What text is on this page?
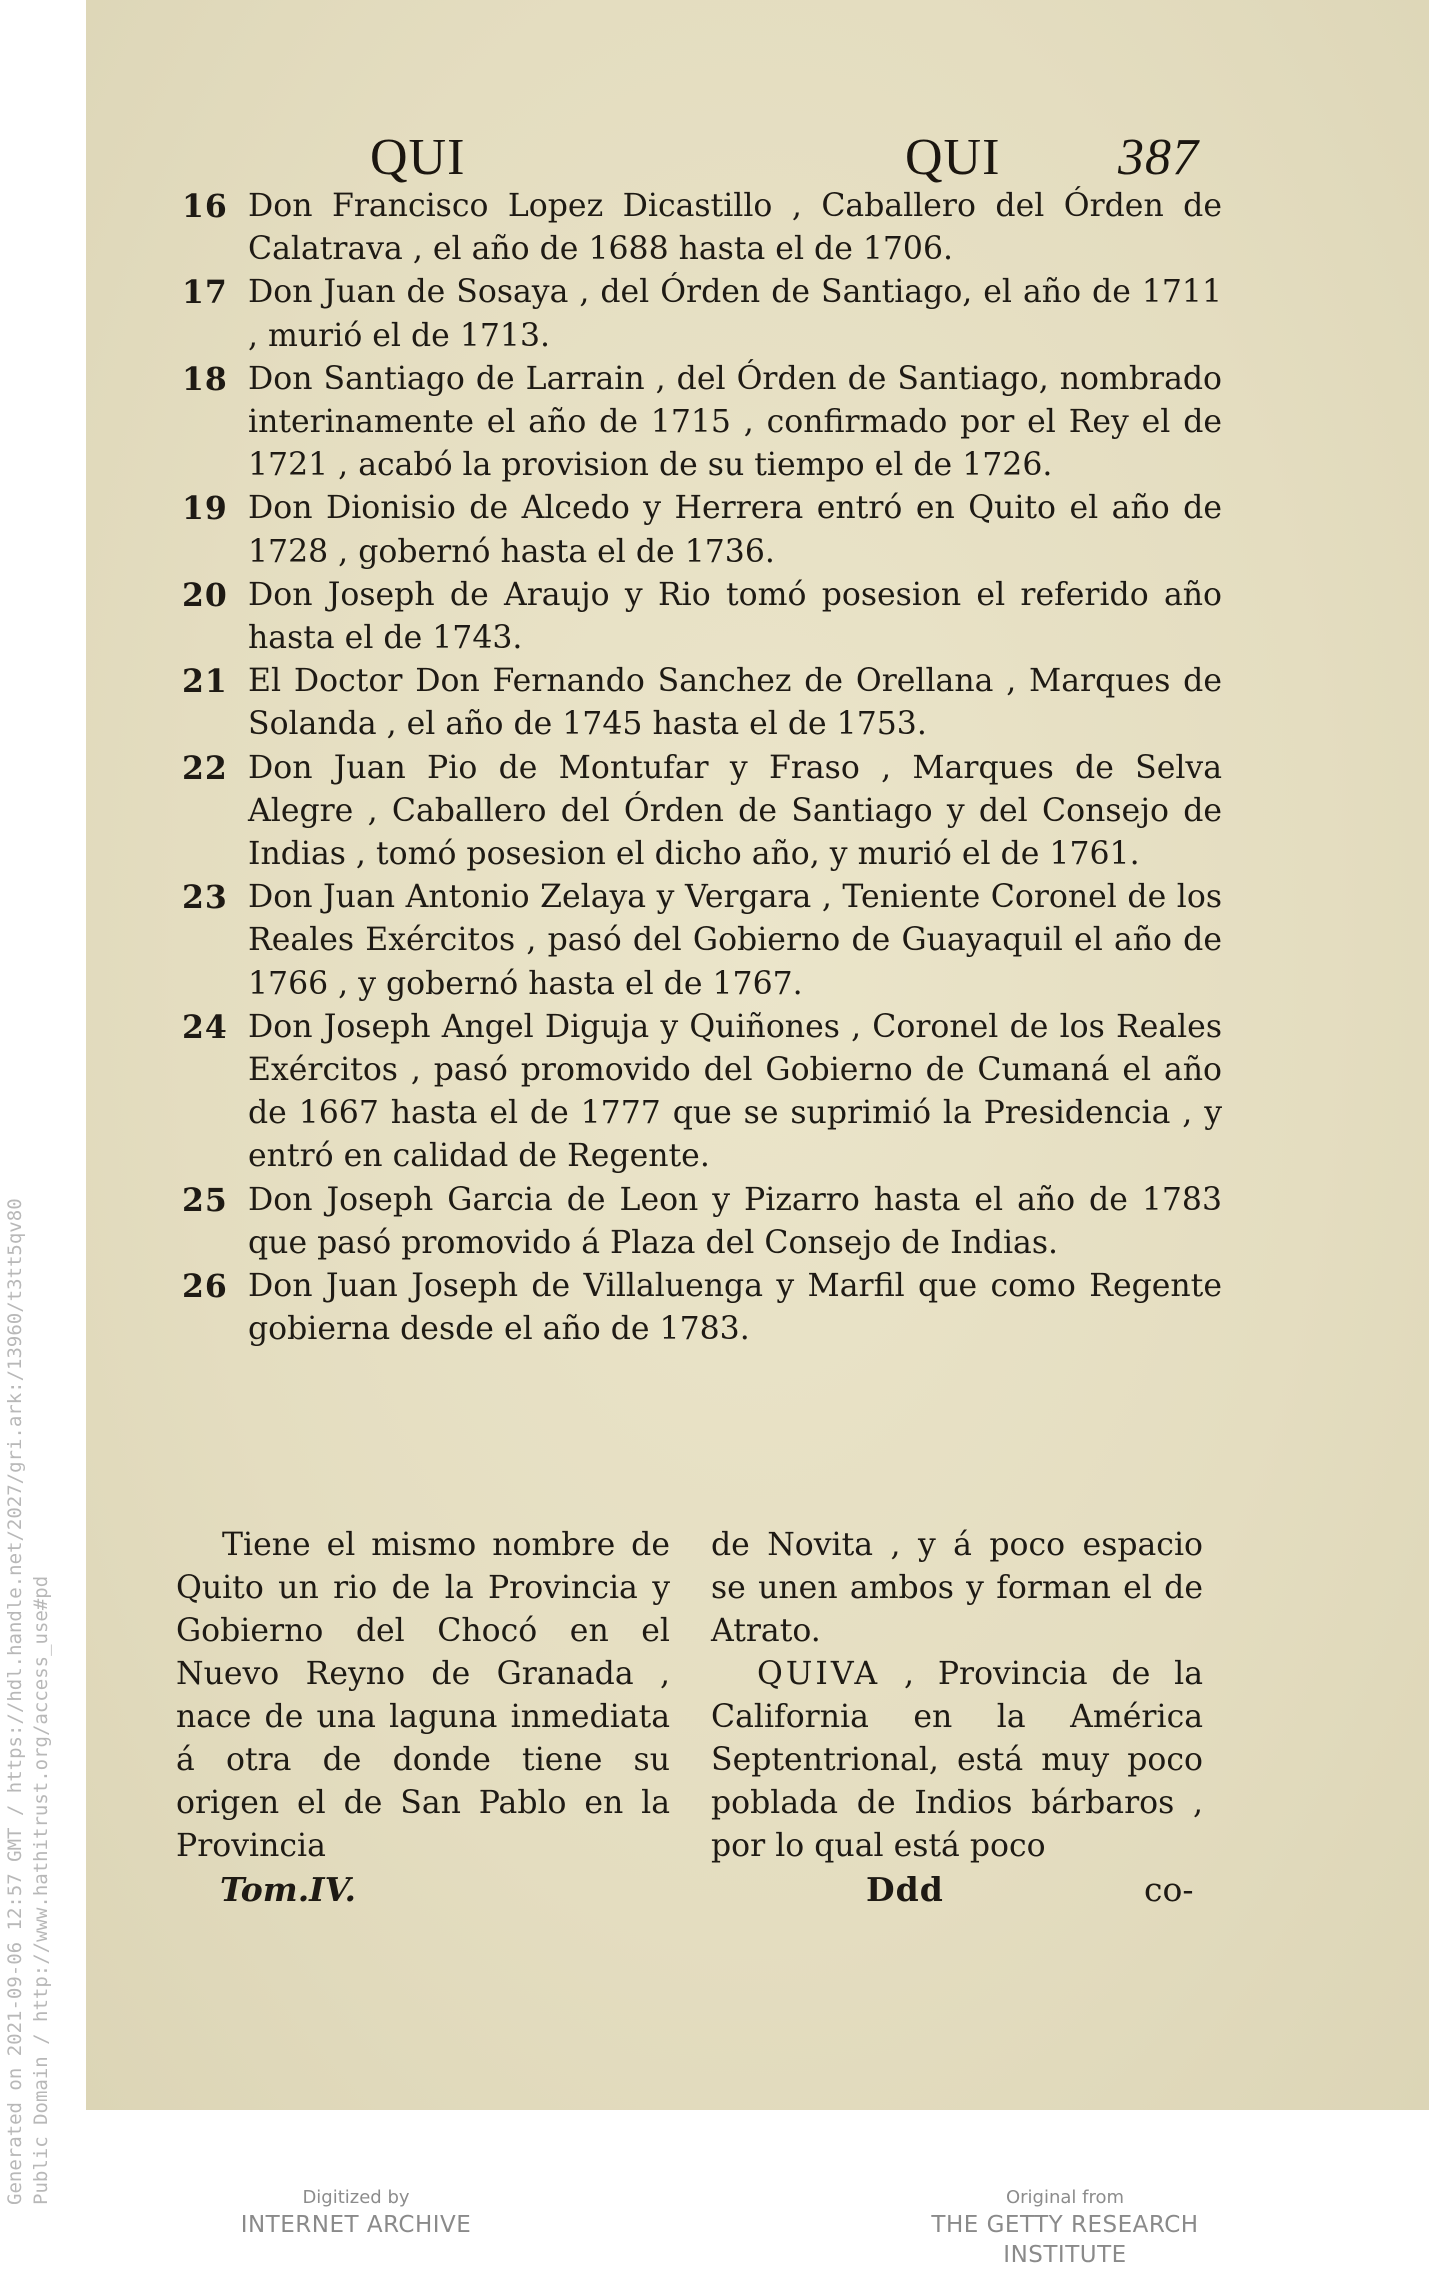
Generated on 2021-09-06 12:57 GMT / https://hdl.handle.net/2027/gri.ark:/13960/t3tt5qv80 Public Domain / http://www.hathitrust.org/access_use#pd
QUI	QUI 387
16 Don Francisco Lopez Dicastillo , Caballero del Órden de Calatrava , el año de 1688 hasta el de 1706.
17 Don Juan de Sosaya , del Órden de Santiago, el año de 1711 , murió el de 1713.
18 Don Santiago de Larrain , del Órden de Santiago, nombrado interinamente el año de 1715 , confirmado por el Rey el de 1721 , acabó la provision de su tiempo el de 1726.
19 Don Dionisio de Alcedo y Herrera entró en Quito el año de 1728 , gobernó hasta el de 1736.
20 Don Joseph de Araujo y Rio tomó posesion el referido año hasta el de 1743.
21 El Doctor Don Fernando Sanchez de Orellana , Marques de Solanda , el año de 1745 hasta el de 1753.
22 Don Juan Pio de Montufar y Fraso , Marques de Selva Alegre , Caballero del Órden de Santiago y del Consejo de Indias , tomó posesion el dicho año, y murió el de 1761.
23 Don Juan Antonio Zelaya y Vergara , Teniente Coronel de los Reales Exércitos , pasó del Gobierno de Guayaquil el año de 1766 , y gobernó hasta el de 1767.
24 Don Joseph Angel Diguja y Quiñones , Coronel de los Reales Exércitos , pasó promovido del Gobierno de Cumaná el año de 1667 hasta el de 1777 que se suprimió la Presidencia , y entró en calidad de Regente.
25 Don Joseph Garcia de Leon y Pizarro hasta el año de 1783 que pasó promovido á Plaza del Consejo de Indias.
26 Don Juan Joseph de Villaluenga y Marfil que como Regente gobierna desde el año de 1783.

Tiene el mismo nombre de Quito un rio de la Provincia y Gobierno del Chocó en el Nuevo Reyno de Granada , nace de una laguna inmediata á otra de donde tiene su origen el de San Pablo en la Provincia

de Novita , y á poco espacio se unen ambos y forman el de Atrato.

QUIVA , Provincia de la California en la América Septentrional, está muy poco poblada de Indios bárbaros , por lo qual está poco

Tom.IV.	Ddd	co-
Digitized by
INTERNET ARCHIVE
Original from
THE GETTY RESEARCH INSTITUTE
